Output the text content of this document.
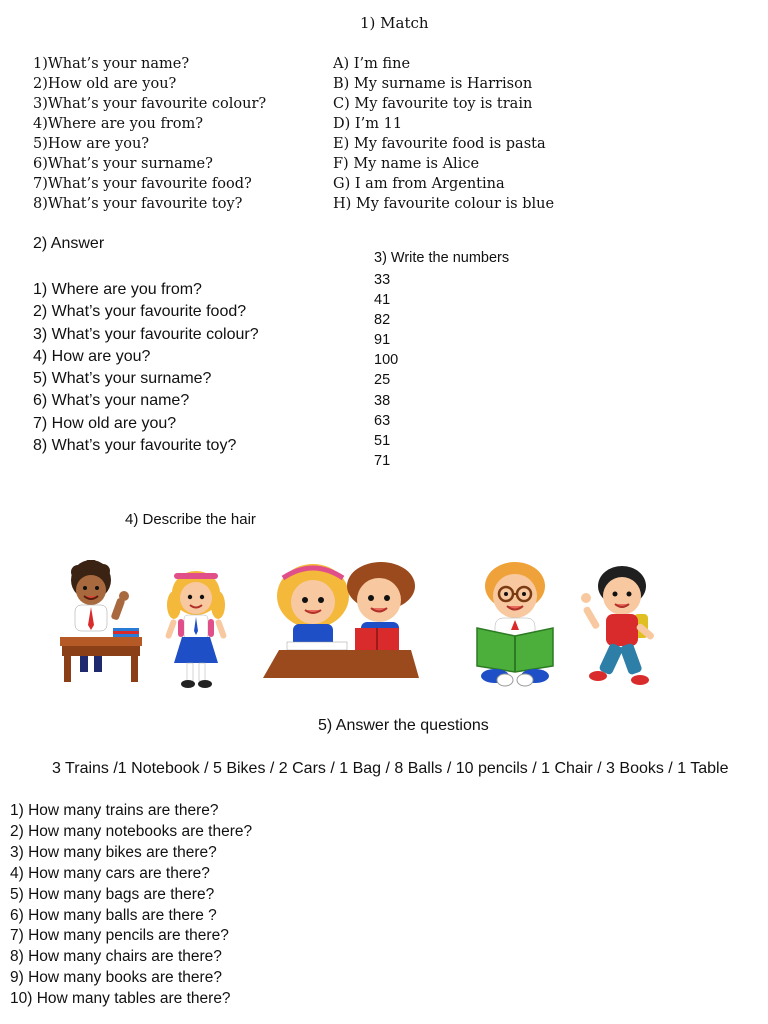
1) Match
1)What’s your name?
2)How old are you?
3)What’s your favourite colour?
4)Where are you from?
5)How are you?
6)What’s your surname?
7)What’s your favourite food?
8)What’s your favourite toy?
A) I’m fine
B) My surname is Harrison
C) My favourite toy is train
D) I’m 11
E) My favourite food is pasta
F) My name is Alice
G) I am from Argentina
H) My favourite colour is blue
2) Answer
1) Where are you from?
2) What’s your favourite food?
3) What’s your favourite colour?
4) How are you?
5) What’s your surname?
6) What’s your name?
7) How old are you?
8) What’s your favourite toy?
3) Write the numbers
33
41
82
91
100
25
38
63
51
71
4) Describe the hair
5) Answer the questions
3 Trains /1 Notebook / 5 Bikes / 2 Cars / 1 Bag / 8 Balls / 10 pencils / 1 Chair / 3 Books / 1 Table
1) How many trains are there?
2) How many notebooks are there?
3) How many bikes are there?
4) How many cars are there?
5) How many bags are there?
6) How many balls are there ?
7) How many pencils are there?
8) How many chairs are there?
9) How many books are there?
10) How many tables are there?
